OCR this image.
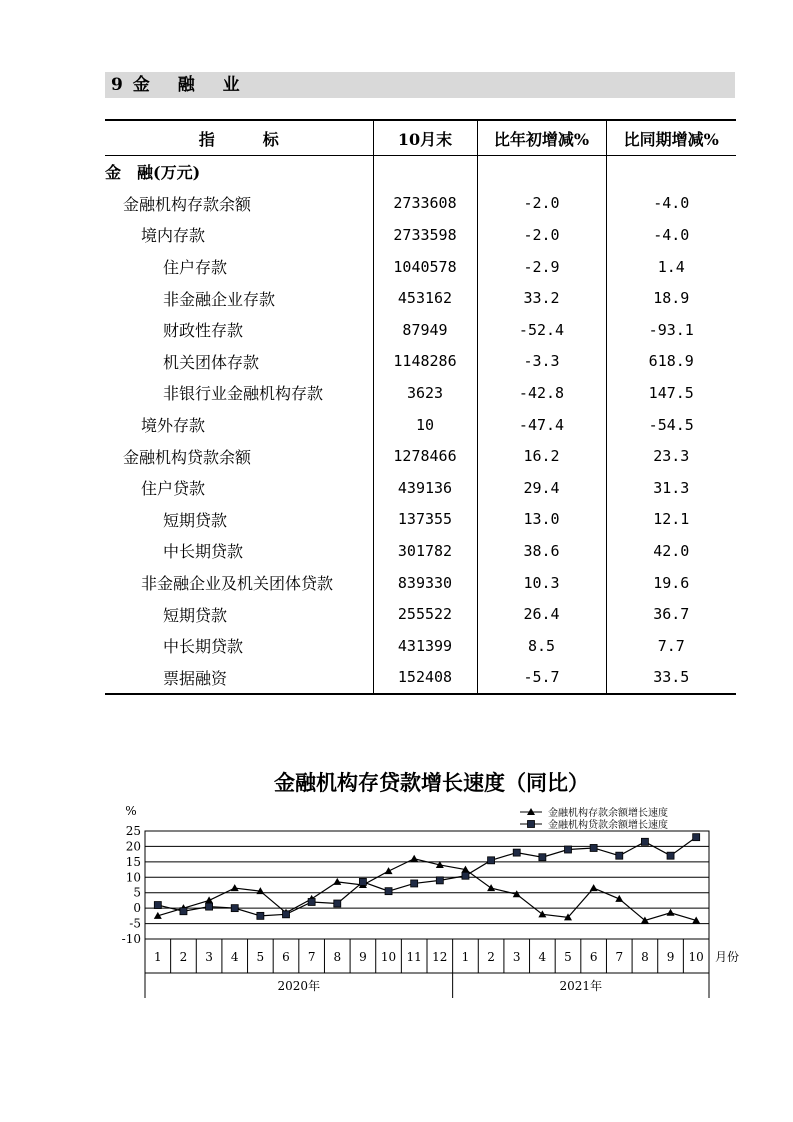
9 金 融 业
指　　　标	10月末	比年初增减%	比同期增减%
金　融(万元)			
金融机构存款余额	2733608	-2.0	-4.0
境内存款	2733598	-2.0	-4.0
住户存款	1040578	-2.9	1.4
非金融企业存款	453162	33.2	18.9
财政性存款	87949	-52.4	-93.1
机关团体存款	1148286	-3.3	618.9
非银行业金融机构存款	3623	-42.8	147.5
境外存款	10	-47.4	-54.5
金融机构贷款余额	1278466	16.2	23.3
住户贷款	439136	29.4	31.3
短期贷款	137355	13.0	12.1
中长期贷款	301782	38.6	42.0
非金融企业及机关团体贷款	839330	10.3	19.6
短期贷款	255522	26.4	36.7
中长期贷款	431399	8.5	7.7
票据融资	152408	-5.7	33.5
金融机构存贷款增长速度（同比）
-10
-5
0
5
10
15
20
25
%
1 2 3 4 5 6 7 8 9 10 11 12 1 2 3 4 5 6 7 8 9 10 月份
2020年	2021年
金融机构存款余额增长速度
金融机构贷款余额增长速度
